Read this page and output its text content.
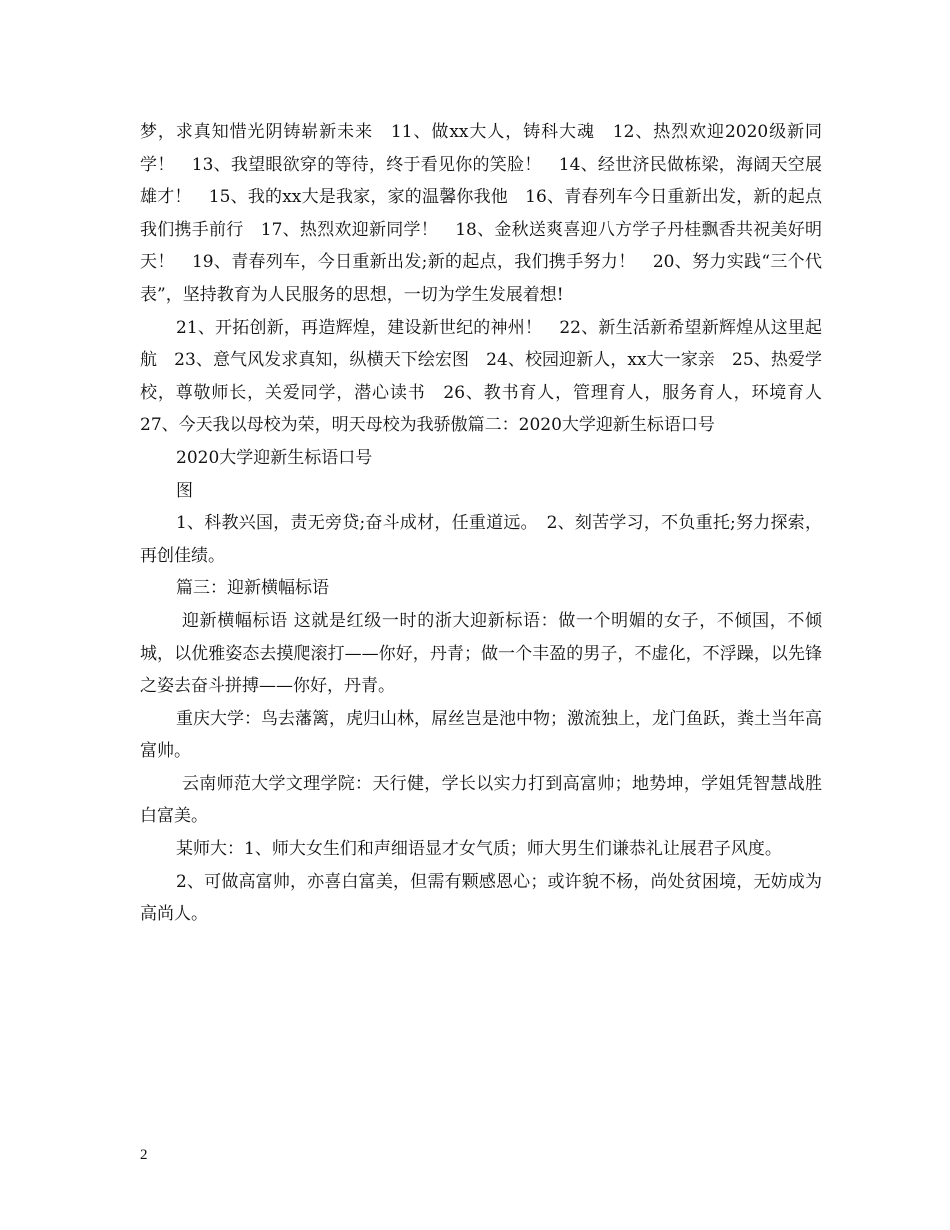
梦，求真知惜光阴铸崭新未来　11、做xx大人，铸科大魂　12、热烈欢迎2020级新同学！　13、我望眼欲穿的等待，终于看见你的笑脸！　14、经世济民做栋梁，海阔天空展雄才！　15、我的xx大是我家，家的温馨你我他　16、青春列车今日重新出发，新的起点我们携手前行　17、热烈欢迎新同学！　18、金秋送爽喜迎八方学子丹桂飘香共祝美好明天！　19、青春列车，今日重新出发;新的起点，我们携手努力！　20、努力实践“三个代表”，坚持教育为人民服务的思想，一切为学生发展着想!

21、开拓创新，再造辉煌，建设新世纪的神州！　22、新生活新希望新辉煌从这里起航　23、意气风发求真知，纵横天下绘宏图　24、校园迎新人，xx大一家亲　25、热爱学校，尊敬师长，关爱同学，潜心读书　26、教书育人，管理育人，服务育人，环境育人　27、今天我以母校为荣，明天母校为我骄傲篇二：2020大学迎新生标语口号

2020大学迎新生标语口号

图

1、科教兴国，责无旁贷;奋斗成材，任重道远。　2、刻苦学习，不负重托;努力探索，再创佳绩。

篇三：迎新横幅标语

迎新横幅标语 这就是红级一时的浙大迎新标语：做一个明媚的女子，不倾国，不倾城，以优雅姿态去摸爬滚打——你好，丹青；做一个丰盈的男子，不虚化，不浮躁，以先锋之姿去奋斗拼搏——你好，丹青。

重庆大学：鸟去藩篱，虎归山林，屌丝岂是池中物；激流独上，龙门鱼跃，粪土当年高富帅。

云南师范大学文理学院：天行健，学长以实力打到高富帅；地势坤，学姐凭智慧战胜白富美。

某师大：1、师大女生们和声细语显才女气质；师大男生们谦恭礼让展君子风度。

2、可做高富帅，亦喜白富美，但需有颗感恩心；或许貌不杨，尚处贫困境，无妨成为高尚人。

2
